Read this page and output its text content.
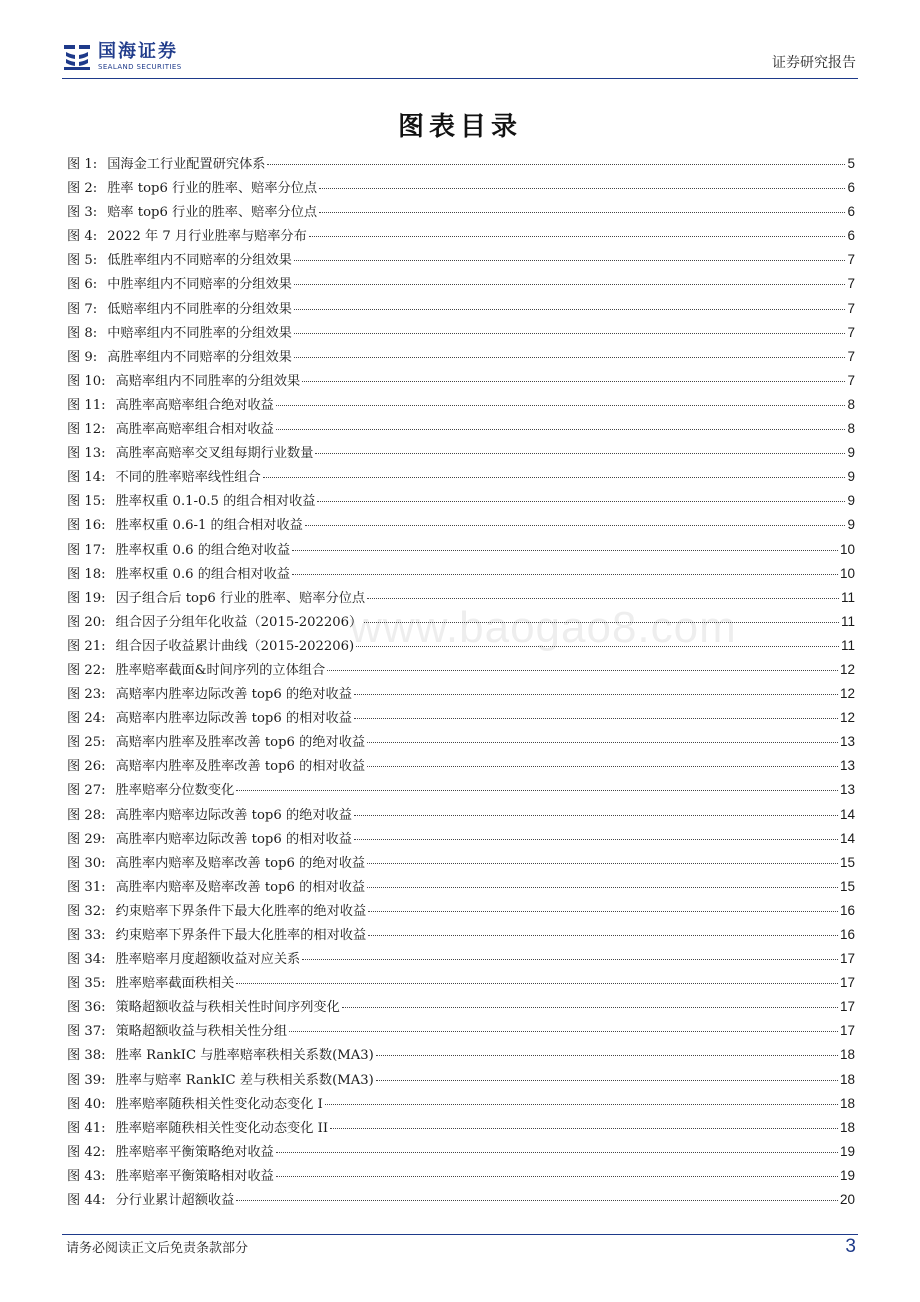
国海证券
SEALAND SECURITIES	证券研究报告
图表目录
www.baogao8.com
图 1: 国海金工行业配置研究体系	5
图 2: 胜率 top6 行业的胜率、赔率分位点	6
图 3: 赔率 top6 行业的胜率、赔率分位点	6
图 4: 2022 年 7 月行业胜率与赔率分布	6
图 5: 低胜率组内不同赔率的分组效果	7
图 6: 中胜率组内不同赔率的分组效果	7
图 7: 低赔率组内不同胜率的分组效果	7
图 8: 中赔率组内不同胜率的分组效果	7
图 9: 高胜率组内不同赔率的分组效果	7
图 10: 高赔率组内不同胜率的分组效果	7
图 11: 高胜率高赔率组合绝对收益	8
图 12: 高胜率高赔率组合相对收益	8
图 13: 高胜率高赔率交叉组每期行业数量	9
图 14: 不同的胜率赔率线性组合	9
图 15: 胜率权重 0.1-0.5 的组合相对收益	9
图 16: 胜率权重 0.6-1 的组合相对收益	9
图 17: 胜率权重 0.6 的组合绝对收益	10
图 18: 胜率权重 0.6 的组合相对收益	10
图 19: 因子组合后 top6 行业的胜率、赔率分位点	11
图 20: 组合因子分组年化收益（2015-202206）	11
图 21: 组合因子收益累计曲线（2015-202206)	11
图 22: 胜率赔率截面&时间序列的立体组合	12
图 23: 高赔率内胜率边际改善 top6 的绝对收益	12
图 24: 高赔率内胜率边际改善 top6 的相对收益	12
图 25: 高赔率内胜率及胜率改善 top6 的绝对收益	13
图 26: 高赔率内胜率及胜率改善 top6 的相对收益	13
图 27: 胜率赔率分位数变化	13
图 28: 高胜率内赔率边际改善 top6 的绝对收益	14
图 29: 高胜率内赔率边际改善 top6 的相对收益	14
图 30: 高胜率内赔率及赔率改善 top6 的绝对收益	15
图 31: 高胜率内赔率及赔率改善 top6 的相对收益	15
图 32: 约束赔率下界条件下最大化胜率的绝对收益	16
图 33: 约束赔率下界条件下最大化胜率的相对收益	16
图 34: 胜率赔率月度超额收益对应关系	17
图 35: 胜率赔率截面秩相关	17
图 36: 策略超额收益与秩相关性时间序列变化	17
图 37: 策略超额收益与秩相关性分组	17
图 38: 胜率 RankIC 与胜率赔率秩相关系数(MA3)	18
图 39: 胜率与赔率 RankIC 差与秩相关系数(MA3)	18
图 40: 胜率赔率随秩相关性变化动态变化 I	18
图 41: 胜率赔率随秩相关性变化动态变化 II	18
图 42: 胜率赔率平衡策略绝对收益	19
图 43: 胜率赔率平衡策略相对收益	19
图 44: 分行业累计超额收益	20
请务必阅读正文后免责条款部分	3
